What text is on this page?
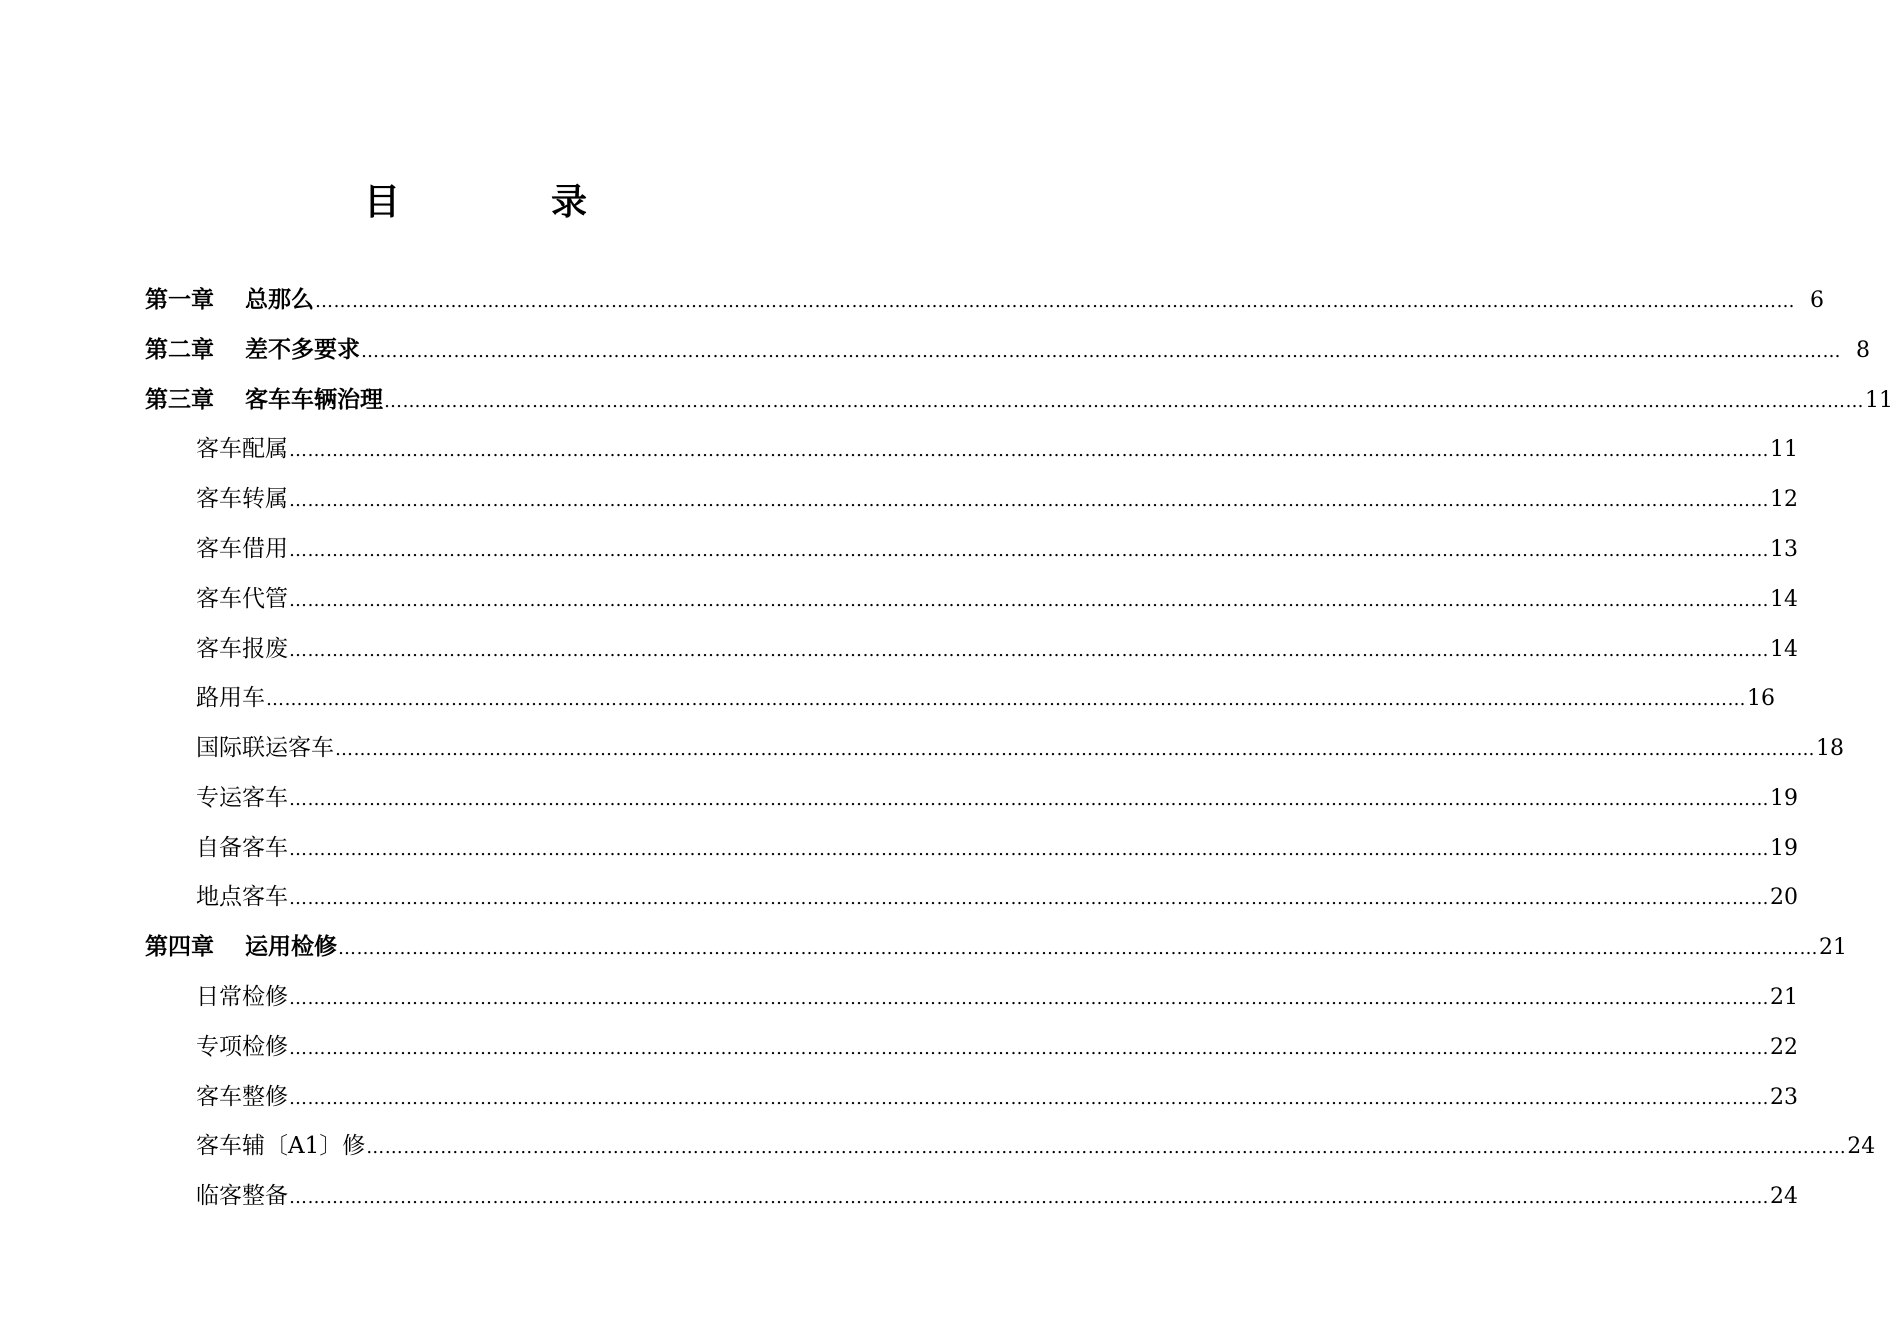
目	录
第一章	总那么 …………………………………………………………………………………………………………………………………………………………………………………………………………………… 6
第二章	差不多要求 …………………………………………………………………………………………………………………………………………………………………………………………………………………… 8
第三章	客车车辆治理 …………………………………………………………………………………………………………………………………………………………………………………………………………………… 11
客车配属 …………………………………………………………………………………………………………………………………………………………………………………………………………………… 11
客车转属 …………………………………………………………………………………………………………………………………………………………………………………………………………………… 12
客车借用 …………………………………………………………………………………………………………………………………………………………………………………………………………………… 13
客车代管 …………………………………………………………………………………………………………………………………………………………………………………………………………………… 14
客车报废 …………………………………………………………………………………………………………………………………………………………………………………………………………………… 14
路用车 …………………………………………………………………………………………………………………………………………………………………………………………………………………… 16
国际联运客车 …………………………………………………………………………………………………………………………………………………………………………………………………………………… 18
专运客车 …………………………………………………………………………………………………………………………………………………………………………………………………………………… 19
自备客车 …………………………………………………………………………………………………………………………………………………………………………………………………………………… 19
地点客车 …………………………………………………………………………………………………………………………………………………………………………………………………………………… 20
第四章	运用检修 …………………………………………………………………………………………………………………………………………………………………………………………………………………… 21
日常检修 …………………………………………………………………………………………………………………………………………………………………………………………………………………… 21
专项检修 …………………………………………………………………………………………………………………………………………………………………………………………………………………… 22
客车整修 …………………………………………………………………………………………………………………………………………………………………………………………………………………… 23
客车辅〔A1〕修 …………………………………………………………………………………………………………………………………………………………………………………………………………………… 24
临客整备 …………………………………………………………………………………………………………………………………………………………………………………………………………………… 24
